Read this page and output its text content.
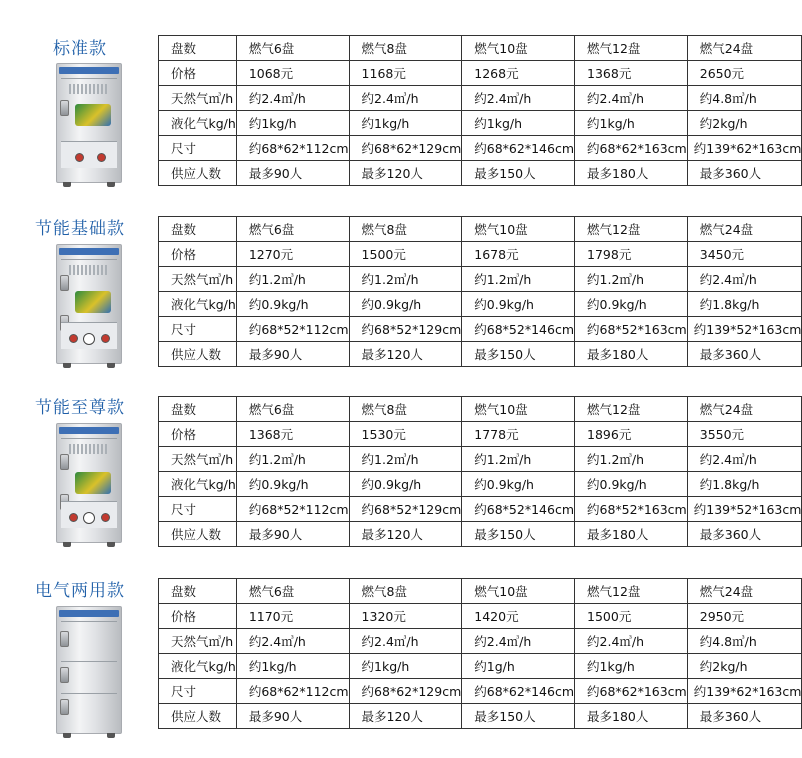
标准款	盘数	燃气6盘	燃气8盘	燃气10盘	燃气12盘	燃气24盘
价格	1068元	1168元	1268元	1368元	2650元
天然气㎥/h	约2.4㎥/h	约2.4㎥/h	约2.4㎥/h	约2.4㎥/h	约4.8㎥/h
液化气kg/h	约1kg/h	约1kg/h	约1kg/h	约1kg/h	约2kg/h
尺寸	约68*62*112cm	约68*62*129cm	约68*62*146cm	约68*62*163cm	约139*62*163cm
供应人数	最多90人	最多120人	最多150人	最多180人	最多360人
节能基础款	盘数	燃气6盘	燃气8盘	燃气10盘	燃气12盘	燃气24盘
价格	1270元	1500元	1678元	1798元	3450元
天然气㎥/h	约1.2㎥/h	约1.2㎥/h	约1.2㎥/h	约1.2㎥/h	约2.4㎥/h
液化气kg/h	约0.9kg/h	约0.9kg/h	约0.9kg/h	约0.9kg/h	约1.8kg/h
尺寸	约68*52*112cm	约68*52*129cm	约68*52*146cm	约68*52*163cm	约139*52*163cm
供应人数	最多90人	最多120人	最多150人	最多180人	最多360人
节能至尊款	盘数	燃气6盘	燃气8盘	燃气10盘	燃气12盘	燃气24盘
价格	1368元	1530元	1778元	1896元	3550元
天然气㎥/h	约1.2㎥/h	约1.2㎥/h	约1.2㎥/h	约1.2㎥/h	约2.4㎥/h
液化气kg/h	约0.9kg/h	约0.9kg/h	约0.9kg/h	约0.9kg/h	约1.8kg/h
尺寸	约68*52*112cm	约68*52*129cm	约68*52*146cm	约68*52*163cm	约139*52*163cm
供应人数	最多90人	最多120人	最多150人	最多180人	最多360人
电气两用款	盘数	燃气6盘	燃气8盘	燃气10盘	燃气12盘	燃气24盘
价格	1170元	1320元	1420元	1500元	2950元
天然气㎥/h	约2.4㎥/h	约2.4㎥/h	约2.4㎥/h	约2.4㎥/h	约4.8㎥/h
液化气kg/h	约1kg/h	约1kg/h	约1g/h	约1kg/h	约2kg/h
尺寸	约68*62*112cm	约68*62*129cm	约68*62*146cm	约68*62*163cm	约139*62*163cm
供应人数	最多90人	最多120人	最多150人	最多180人	最多360人
